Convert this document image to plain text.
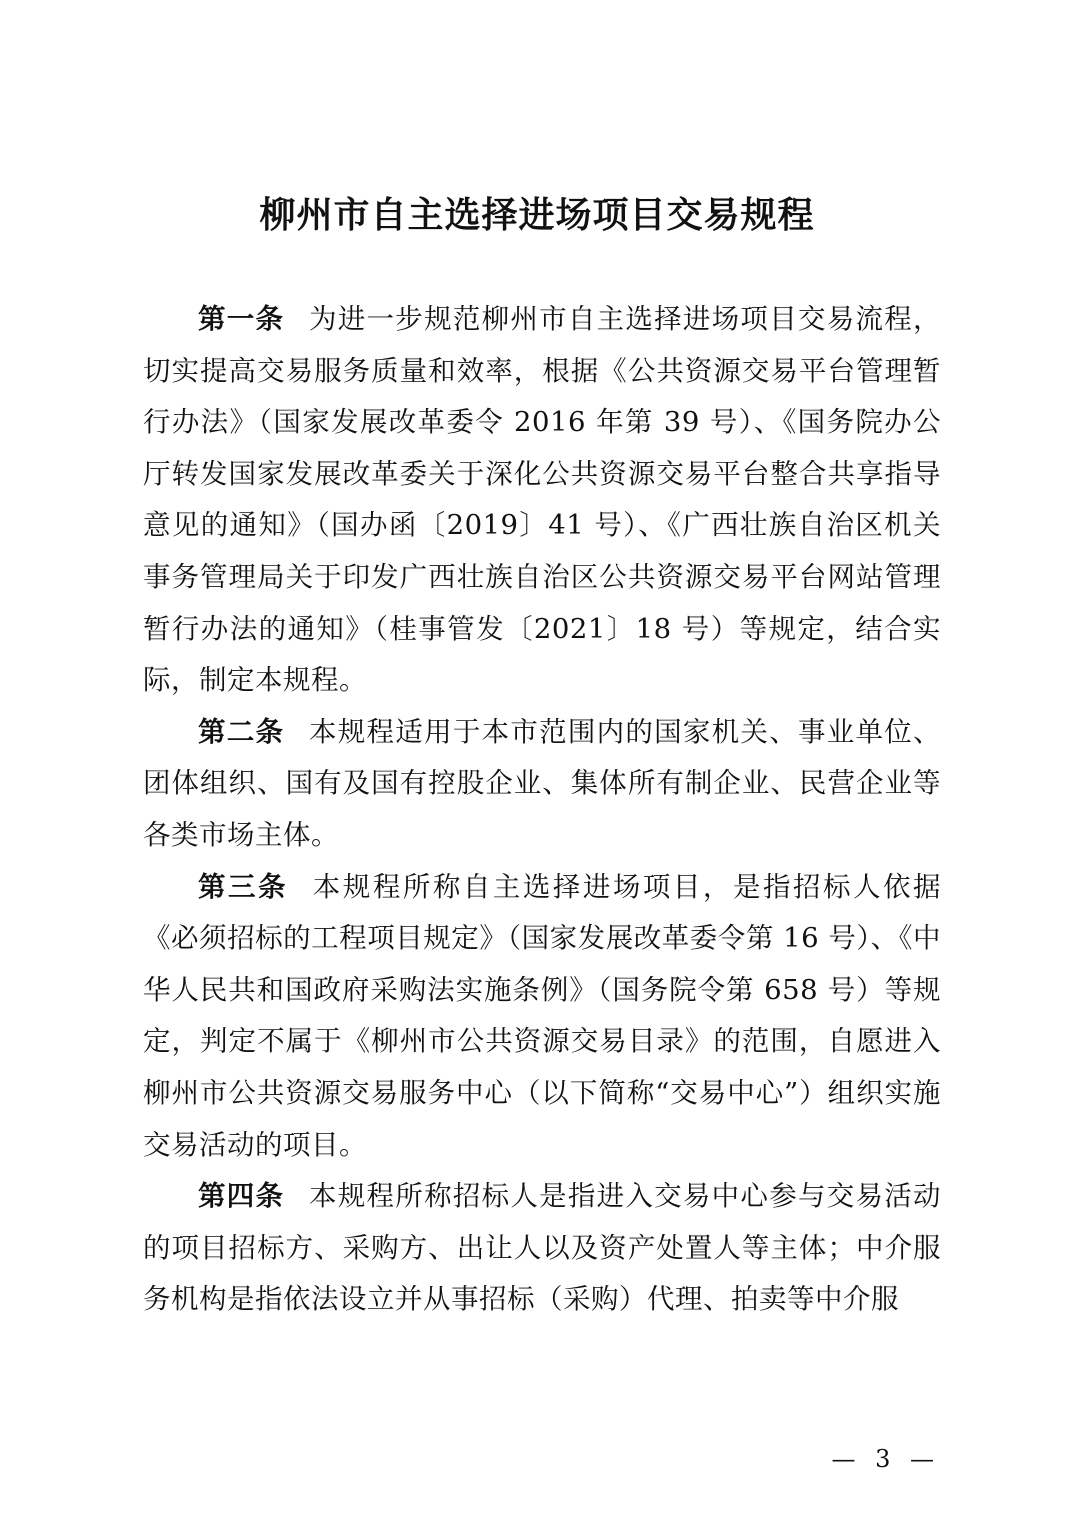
柳州市自主选择进场项目交易规程

第一条 为进一步规范柳州市自主选择进场项目交易流程，切实提高交易服务质量和效率，根据《公共资源交易平台管理暂行办法》（国家发展改革委令 2016 年第 39 号）、《国务院办公厅转发国家发展改革委关于深化公共资源交易平台整合共享指导意见的通知》（国办函〔2019〕41 号）、《广西壮族自治区机关事务管理局关于印发广西壮族自治区公共资源交易平台网站管理暂行办法的通知》（桂事管发〔2021〕18 号）等规定，结合实际，制定本规程。

第二条 本规程适用于本市范围内的国家机关、事业单位、团体组织、国有及国有控股企业、集体所有制企业、民营企业等各类市场主体。

第三条 本规程所称自主选择进场项目，是指招标人依据《必须招标的工程项目规定》（国家发展改革委令第 16 号）、《中华人民共和国政府采购法实施条例》（国务院令第 658 号）等规定，判定不属于《柳州市公共资源交易目录》的范围，自愿进入柳州市公共资源交易服务中心（以下简称“交易中心”）组织实施交易活动的项目。

第四条 本规程所称招标人是指进入交易中心参与交易活动的项目招标方、采购方、出让人以及资产处置人等主体；中介服务机构是指依法设立并从事招标（采购）代理、拍卖等中介服

— 3 —
